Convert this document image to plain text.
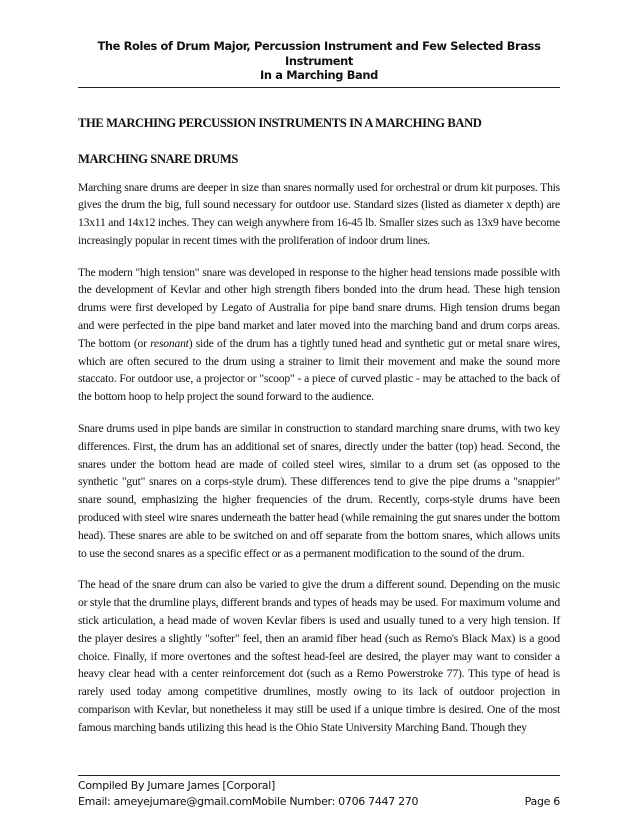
The Roles of Drum Major, Percussion Instrument and Few Selected Brass Instrument
In a Marching Band
THE MARCHING PERCUSSION INSTRUMENTS IN A MARCHING BAND
MARCHING SNARE DRUMS

Marching snare drums are deeper in size than snares normally used for orchestral or drum kit purposes. This gives the drum the big, full sound necessary for outdoor use. Standard sizes (listed as diameter x depth) are 13x11 and 14x12 inches. They can weigh anywhere from 16-45 lb. Smaller sizes such as 13x9 have become increasingly popular in recent times with the proliferation of indoor drum lines.

The modern "high tension" snare was developed in response to the higher head tensions made possible with the development of Kevlar and other high strength fibers bonded into the drum head. These high tension drums were first developed by Legato of Australia for pipe band snare drums. High tension drums began and were perfected in the pipe band market and later moved into the marching band and drum corps areas. The bottom (or resonant) side of the drum has a tightly tuned head and synthetic gut or metal snare wires, which are often secured to the drum using a strainer to limit their movement and make the sound more staccato. For outdoor use, a projector or "scoop" - a piece of curved plastic - may be attached to the back of the bottom hoop to help project the sound forward to the audience.

Snare drums used in pipe bands are similar in construction to standard marching snare drums, with two key differences. First, the drum has an additional set of snares, directly under the batter (top) head. Second, the snares under the bottom head are made of coiled steel wires, similar to a drum set (as opposed to the synthetic "gut" snares on a corps-style drum). These differences tend to give the pipe drums a "snappier" snare sound, emphasizing the higher frequencies of the drum. Recently, corps-style drums have been produced with steel wire snares underneath the batter head (while remaining the gut snares under the bottom head). These snares are able to be switched on and off separate from the bottom snares, which allows units to use the second snares as a specific effect or as a permanent modification to the sound of the drum.

The head of the snare drum can also be varied to give the drum a different sound. Depending on the music or style that the drumline plays, different brands and types of heads may be used. For maximum volume and stick articulation, a head made of woven Kevlar fibers is used and usually tuned to a very high tension. If the player desires a slightly "softer" feel, then an aramid fiber head (such as Remo's Black Max) is a good choice. Finally, if more overtones and the softest head-feel are desired, the player may want to consider a heavy clear head with a center reinforcement dot (such as a Remo Powerstroke 77). This type of head is rarely used today among competitive drumlines, mostly owing to its lack of outdoor projection in comparison with Kevlar, but nonetheless it may still be used if a unique timbre is desired. One of the most famous marching bands utilizing this head is the Ohio State University Marching Band. Though they

Compiled By Jumare James [Corporal]
Email: ameyejumare@gmail.comMobile Number: 0706 7447 270	Page 6
